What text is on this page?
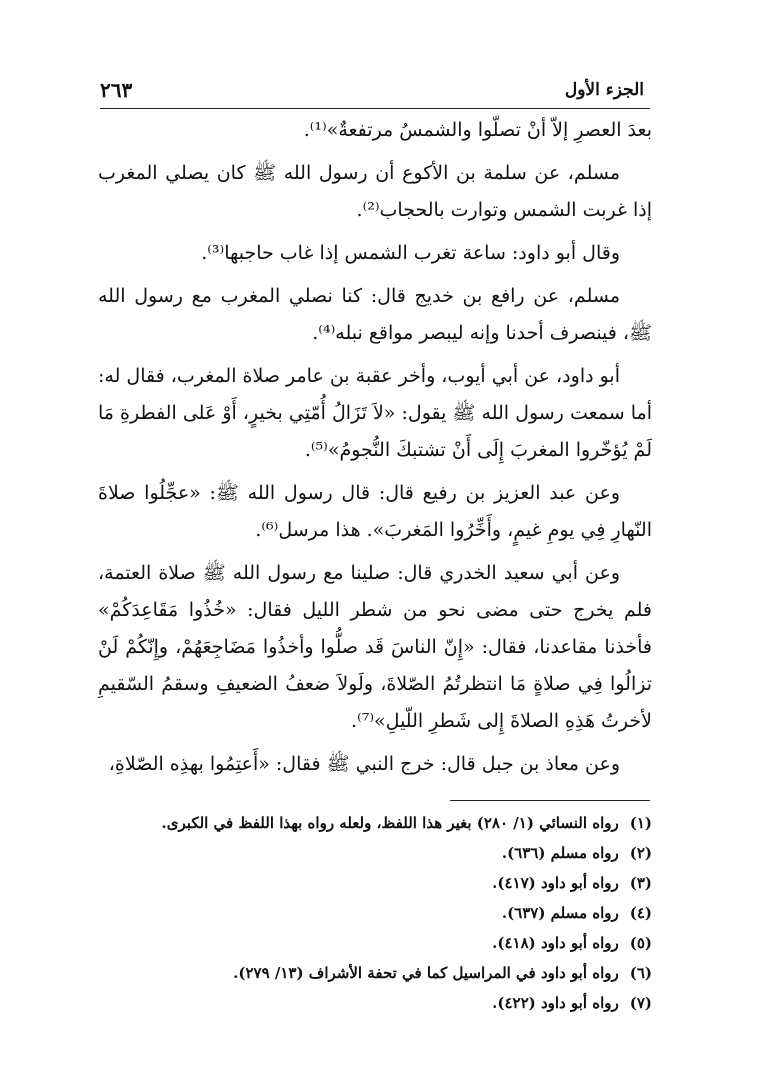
الجزء الأول
٢٦٣

بعدَ العصرِ إلاّ أنْ تصلّوا والشمسُ مرتفعةٌ»⁽¹⁾.

مسلم، عن سلمة بن الأكوع أن رسول الله ﷺ كان يصلي المغرب إذا غربت الشمس وتوارت بالحجاب⁽²⁾.

وقال أبو داود: ساعة تغرب الشمس إذا غاب حاجبها⁽³⁾.

مسلم، عن رافع بن خديج قال: كنا نصلي المغرب مع رسول الله ﷺ، فينصرف أحدنا وإنه ليبصر مواقع نبله⁽⁴⁾.

أبو داود، عن أبي أيوب، وأخر عقبة بن عامر صلاة المغرب، فقال له: أما سمعت رسول الله ﷺ يقول: «لاَ تَزَالُ أُمّتِي بخيرٍ، أَوْ عَلى الفطرةِ مَا لَمْ يُؤخّروا المغربَ إِلَى أَنْ تشتبكَ النُّجومُ»⁽⁵⁾.

وعن عبد العزيز بن رفيع قال: قال رسول الله ﷺ: «عجِّلُوا صلاةَ النّهارِ فِي يومِ غيمٍ، وأَخِّرُوا المَغربَ». هذا مرسل⁽⁶⁾.

وعن أبي سعيد الخدري قال: صلينا مع رسول الله ﷺ صلاة العتمة، فلم يخرج حتى مضى نحو من شطر الليل فقال: «خُذُوا مَقَاعِدَكُمْ» فأخذنا مقاعدنا، فقال: «إِنّ الناسَ قَد صلُّوا وأخذُوا مَضَاجِعَهُمْ، وإِنّكُمْ لَنْ تزالُوا فِي صلاةٍ مَا انتظرتُمُ الصّلاةَ، ولَولاَ ضعفُ الضعيفِ وسقمُ السّقيمِ لأخرتُ هَذِهِ الصلاةَ إِلى شَطرِ اللّيلِ»⁽⁷⁾.

وعن معاذ بن جبل قال: خرج النبي ﷺ فقال: «أَعتِمُوا بهذِه الصّلاةِ،

(١) رواه النسائي (١/ ٢٨٠) بغير هذا اللفظ، ولعله رواه بهذا اللفظ في الكبرى.

(٢) رواه مسلم (٦٣٦).

(٣) رواه أبو داود (٤١٧).

(٤) رواه مسلم (٦٣٧).

(٥) رواه أبو داود (٤١٨).

(٦) رواه أبو داود في المراسيل كما في تحفة الأشراف (١٣/ ٢٧٩).

(٧) رواه أبو داود (٤٢٢).
